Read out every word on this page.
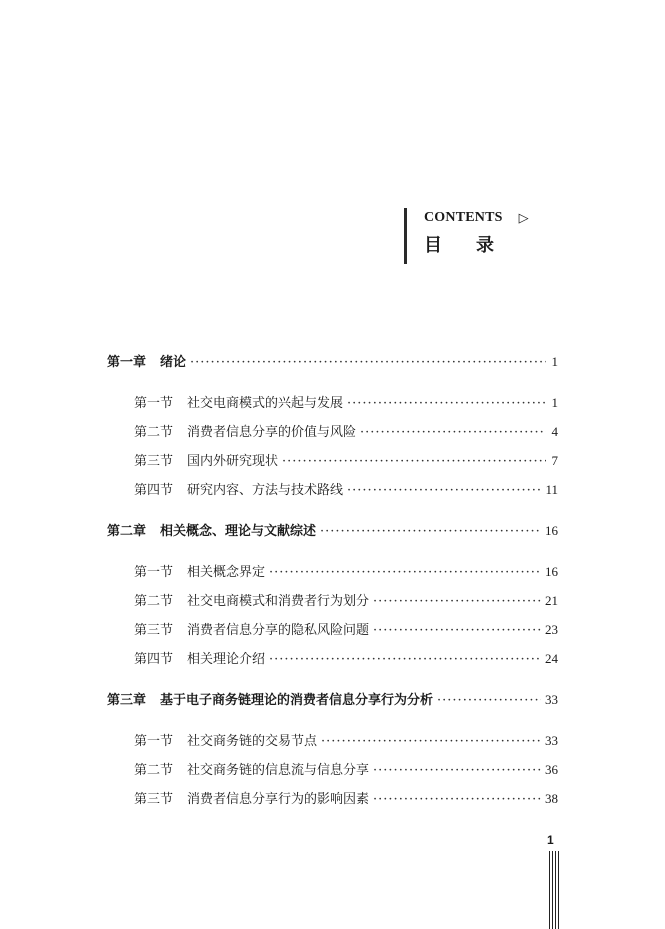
CONTENTS ▷
目录
第一章 绪论 ·····	1
第一节 社交电商模式的兴起与发展 ·····	1
第二节 消费者信息分享的价值与风险 ·····	4
第三节 国内外研究现状 ·····	7
第四节 研究内容、方法与技术路线 ·····	11
第二章 相关概念、理论与文献综述 ·····	16
第一节 相关概念界定 ·····	16
第二节 社交电商模式和消费者行为划分 ·····	21
第三节 消费者信息分享的隐私风险问题 ·····	23
第四节 相关理论介绍 ·····	24
第三章 基于电子商务链理论的消费者信息分享行为分析 ·····	33
第一节 社交商务链的交易节点 ·····	33
第二节 社交商务链的信息流与信息分享 ·····	36
第三节 消费者信息分享行为的影响因素 ·····	38
1
